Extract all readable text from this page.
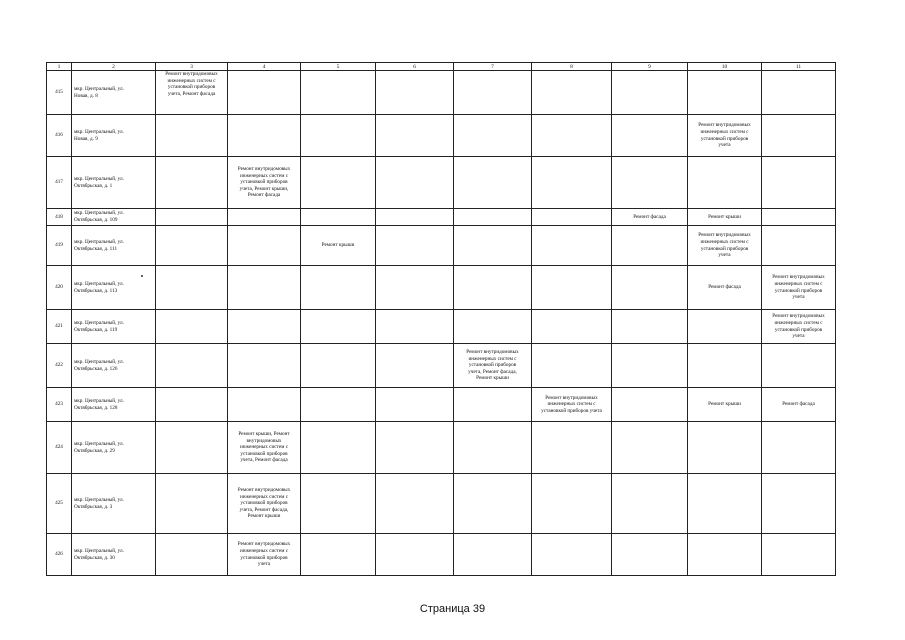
1	2	3	4	5	6	7	8	9	10	11
415	мкр. Центральный, ул.
Новая, д. 8	Ремонт внутридомовых
инженерных систем с
установкой приборов
учета, Ремонт фасада								

416	мкр. Центральный, ул.
Новая, д. 9								Ремонт внутридомовых
инженерных систем с
установкой приборов
учета	

417	мкр. Центральный, ул.
Октябрьская, д. 1		Ремонт внутридомовых
инженерных систем с
установкой приборов
учета, Ремонт крыши,
Ремонт фасада							

418	мкр. Центральный, ул.
Октябрьская, д. 109							Ремонт фасада	Ремонт крыши	

419	мкр. Центральный, ул.
Октябрьская, д. 111			Ремонт крыши					Ремонт внутридомовых
инженерных систем с
установкой приборов
учета	

420	мкр. Центральный, ул.
Октябрьская, д. 113								Ремонт фасада	Ремонт внутридомовых
инженерных систем с
установкой приборов
учета

421	мкр. Центральный, ул.
Октябрьская, д. 119									Ремонт внутридомовых
инженерных систем с
установкой приборов
учета

422	мкр. Центральный, ул.
Октябрьская, д. 126					Ремонт внутридомовых
инженерных систем с
установкой приборов
учета, Ремонт фасада,
Ремонт крыши				

423	мкр. Центральный, ул.
Октябрьская, д. 128						Ремонт внутридомовых
инженерных систем с
установкой приборов учета		Ремонт крыши	Ремонт фасада

424	мкр. Центральный, ул.
Октябрьская, д. 29		Ремонт крыши, Ремонт
внутридомовых
инженерных систем с
установкой приборов
учета, Ремонт фасада							

425	мкр. Центральный, ул.
Октябрьская, д. 3		Ремонт внутридомовых
инженерных систем с
установкой приборов
учета, Ремонт фасада,
Ремонт крыши							

426	мкр. Центральный, ул.
Октябрьская, д. 30		Ремонт внутридомовых
инженерных систем с
установкой приборов
учета							

Страница 39
